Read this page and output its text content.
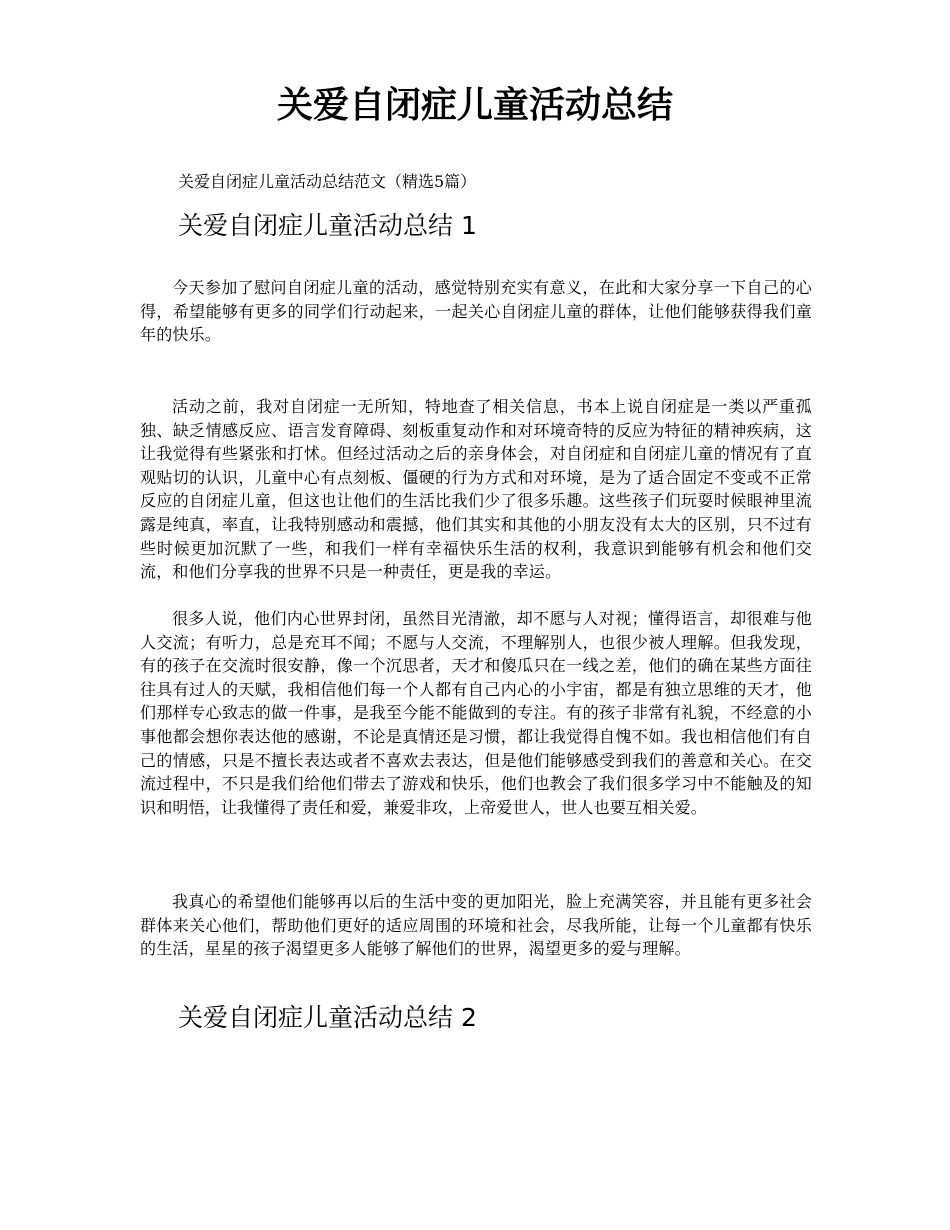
关爱自闭症儿童活动总结

关爱自闭症儿童活动总结范文（精选5篇）

关爱自闭症儿童活动总结 1

今天参加了慰问自闭症儿童的活动，感觉特别充实有意义，在此和大家分享一下自己的心得，希望能够有更多的同学们行动起来，一起关心自闭症儿童的群体，让他们能够获得我们童年的快乐。

活动之前，我对自闭症一无所知，特地查了相关信息，书本上说自闭症是一类以严重孤独、缺乏情感反应、语言发育障碍、刻板重复动作和对环境奇特的反应为特征的精神疾病，这让我觉得有些紧张和打怵。但经过活动之后的亲身体会，对自闭症和自闭症儿童的情况有了直观贴切的认识，儿童中心有点刻板、僵硬的行为方式和对环境，是为了适合固定不变或不正常反应的自闭症儿童，但这也让他们的生活比我们少了很多乐趣。这些孩子们玩耍时候眼神里流露是纯真，率直，让我特别感动和震撼，他们其实和其他的小朋友没有太大的区别，只不过有些时候更加沉默了一些，和我们一样有幸福快乐生活的权利，我意识到能够有机会和他们交流，和他们分享我的世界不只是一种责任，更是我的幸运。

很多人说，他们内心世界封闭，虽然目光清澈，却不愿与人对视；懂得语言，却很难与他人交流；有听力，总是充耳不闻；不愿与人交流，不理解别人，也很少被人理解。但我发现，有的孩子在交流时很安静，像一个沉思者，天才和傻瓜只在一线之差，他们的确在某些方面往往具有过人的天赋，我相信他们每一个人都有自己内心的小宇宙，都是有独立思维的天才，他们那样专心致志的做一件事，是我至今能不能做到的专注。有的孩子非常有礼貌，不经意的小事他都会想你表达他的感谢，不论是真情还是习惯，都让我觉得自愧不如。我也相信他们有自己的情感，只是不擅长表达或者不喜欢去表达，但是他们能够感受到我们的善意和关心。在交流过程中，不只是我们给他们带去了游戏和快乐，他们也教会了我们很多学习中不能触及的知识和明悟，让我懂得了责任和爱，兼爱非攻，上帝爱世人，世人也要互相关爱。

我真心的希望他们能够再以后的生活中变的更加阳光，脸上充满笑容，并且能有更多社会群体来关心他们，帮助他们更好的适应周围的环境和社会，尽我所能，让每一个儿童都有快乐的生活，星星的孩子渴望更多人能够了解他们的世界，渴望更多的爱与理解。

关爱自闭症儿童活动总结 2
